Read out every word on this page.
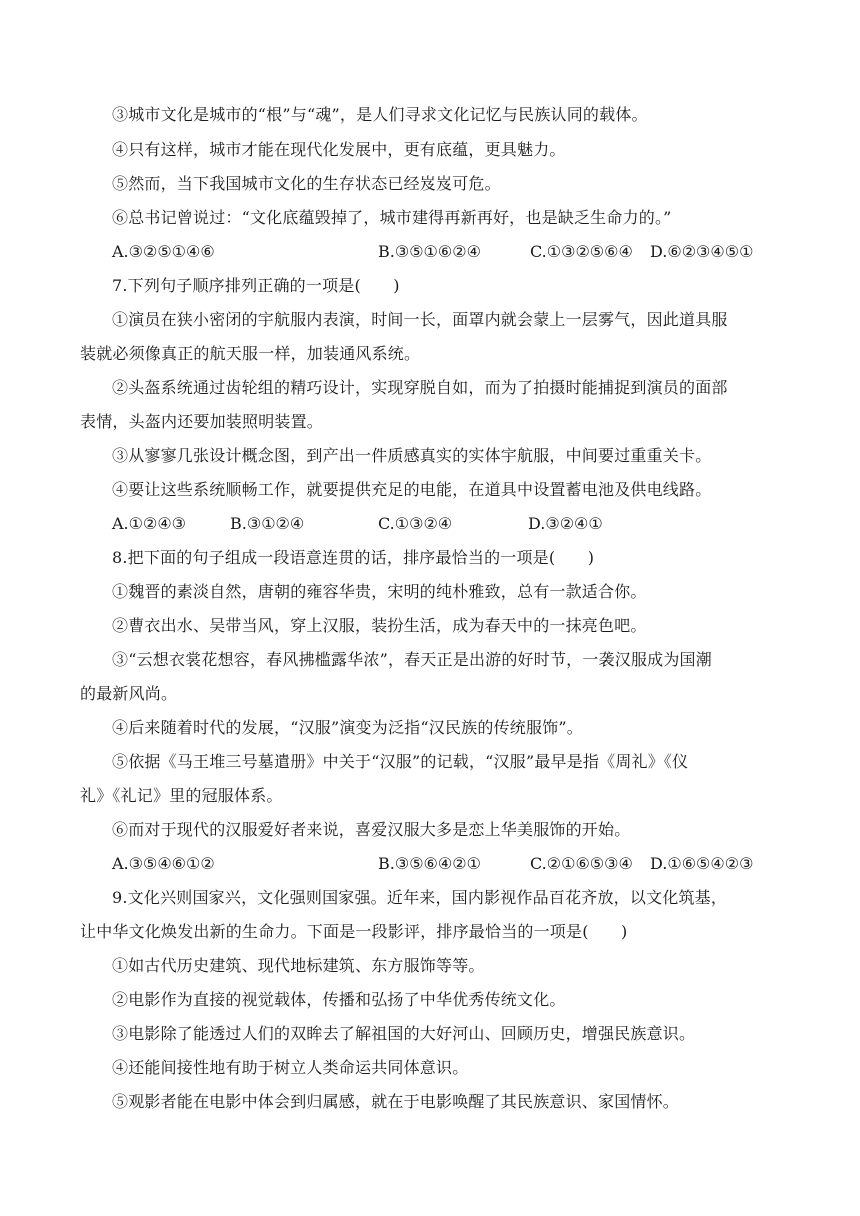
③城市文化是城市的“根”与“魂”，是人们寻求文化记忆与民族认同的载体。
④只有这样，城市才能在现代化发展中，更有底蕴，更具魅力。
⑤然而，当下我国城市文化的生存状态已经岌岌可危。
⑥总书记曾说过：“文化底蕴毁掉了，城市建得再新再好，也是缺乏生命力的。”
A.③②⑤①④⑥	B.③⑤①⑥②④	C.①③②⑤⑥④ D.⑥②③④⑤①
7.下列句子顺序排列正确的一项是(　　)
①演员在狭小密闭的宇航服内表演，时间一长，面罩内就会蒙上一层雾气，因此道具服
装就必须像真正的航天服一样，加装通风系统。
②头盔系统通过齿轮组的精巧设计，实现穿脱自如，而为了拍摄时能捕捉到演员的面部
表情，头盔内还要加装照明装置。
③从寥寥几张设计概念图，到产出一件质感真实的实体宇航服，中间要过重重关卡。
④要让这些系统顺畅工作，就要提供充足的电能，在道具中设置蓄电池及供电线路。
A.①②④③	B.③①②④	C.①③②④	D.③②④①
8.把下面的句子组成一段语意连贯的话，排序最恰当的一项是(　　)
①魏晋的素淡自然，唐朝的雍容华贵，宋明的纯朴雅致，总有一款适合你。
②曹衣出水、吴带当风，穿上汉服，装扮生活，成为春天中的一抹亮色吧。
③“云想衣裳花想容，春风拂槛露华浓”，春天正是出游的好时节，一袭汉服成为国潮
的最新风尚。
④后来随着时代的发展，“汉服”演变为泛指“汉民族的传统服饰”。
⑤依据《马王堆三号墓遣册》中关于“汉服”的记载，“汉服”最早是指《周礼》《仪
礼》《礼记》里的冠服体系。
⑥而对于现代的汉服爱好者来说，喜爱汉服大多是恋上华美服饰的开始。
A.③⑤④⑥①②	B.③⑤⑥④②①	C.②①⑥⑤③④ D.①⑥⑤④②③
9.文化兴则国家兴，文化强则国家强。近年来，国内影视作品百花齐放，以文化筑基，
让中华文化焕发出新的生命力。下面是一段影评，排序最恰当的一项是(　　)
①如古代历史建筑、现代地标建筑、东方服饰等等。
②电影作为直接的视觉载体，传播和弘扬了中华优秀传统文化。
③电影除了能透过人们的双眸去了解祖国的大好河山、回顾历史，增强民族意识。
④还能间接性地有助于树立人类命运共同体意识。
⑤观影者能在电影中体会到归属感，就在于电影唤醒了其民族意识、家国情怀。
